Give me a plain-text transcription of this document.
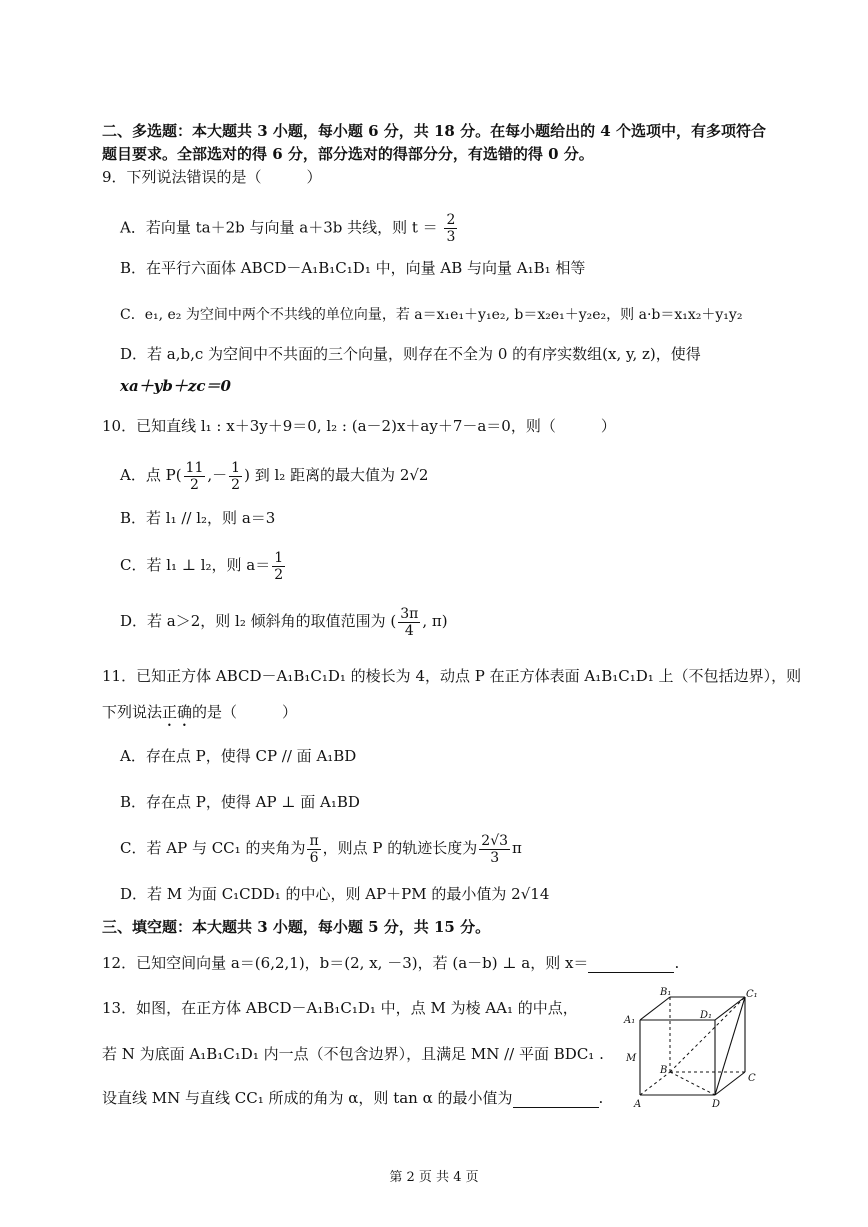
二、多选题：本大题共 3 小题，每小题 6 分，共 18 分。在每小题给出的 4 个选项中，有多项符合
题目要求。全部选对的得 6 分，部分选对的得部分分，有选错的得 0 分。
9．下列说法错误的是（　　　）
A．若向量 ta＋2b 与向量 a＋3b 共线，则 $t = \frac{2}{3}$
B．在平行六面体 ABCD－A₁B₁C₁D₁ 中，向量 AB 与向量 A₁B₁ 相等
C．e₁, e₂ 为空间中两个不共线的单位向量，若 a＝x₁e₁＋y₁e₂, b＝x₂e₁＋y₂e₂，则 a·b＝x₁x₂＋y₁y₂
D．若 a,b,c 为空间中不共面的三个向量，则存在不全为 0 的有序实数组(x, y, z)，使得
xa＋yb＋zc＝0
10．已知直线 l₁ : x＋3y＋9＝0, l₂ : (a－2)x＋ay＋7－a＝0，则（　　　）
A．点 $P( \frac{11}{2}$ ,－ $\frac{1}{2}$ ) 到 l₂ 距离的最大值为 2√2
B．若 l₁ // l₂，则 a＝3
C．若 l₁ ⊥ l₂，则 $a= \frac{1}{2}$
D．若 a＞2，则 l₂ 倾斜角的取值范围为 ( $\frac{3\pi}{4}$ , π)
11．已知正方体 ABCD－A₁B₁C₁D₁ 的棱长为 4，动点 P 在正方体表面 A₁B₁C₁D₁ 上（不包括边界），则
下列说法正确的是（　　　）
A．存在点 P，使得 CP // 面 A₁BD
B．存在点 P，使得 AP ⊥ 面 A₁BD
C．若 AP 与 CC₁ 的夹角为 $\frac{\pi}{6}$ ，则点 P 的轨迹长度为 $\frac{2√3}{3}$ π
D．若 M 为面 C₁CDD₁ 的中心，则 AP＋PM 的最小值为 2√14
三、填空题：本大题共 3 小题，每小题 5 分，共 15 分。
12．已知空间向量 a＝(6,2,1)，b＝(2, x, －3)，若 (a－b) ⊥ a，则 x＝	.
13．如图，在正方体 ABCD－A₁B₁C₁D₁ 中，点 M 为棱 AA₁ 的中点，
若 N 为底面 A₁B₁C₁D₁ 内一点（不包含边界），且满足 MN // 平面 BDC₁ .
设直线 MN 与直线 CC₁ 所成的角为 α，则 tan α 的最小值为	.
B₁	C₁
A₁	D₁
M
B
C
A	D
第 2 页 共 4 页
